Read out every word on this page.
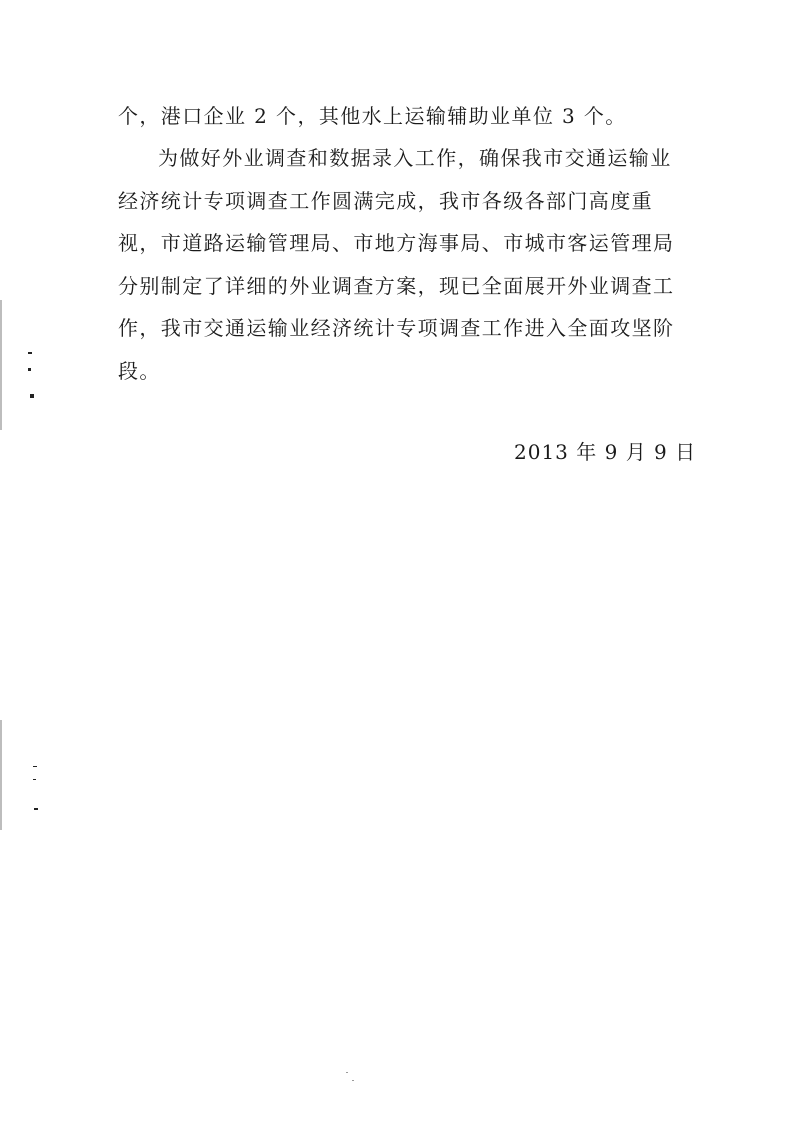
个，港口企业 2 个，其他水上运输辅助业单位 3 个。
为做好外业调查和数据录入工作，确保我市交通运输业
经济统计专项调查工作圆满完成，我市各级各部门高度重
视，市道路运输管理局、市地方海事局、市城市客运管理局
分别制定了详细的外业调查方案，现已全面展开外业调查工
作，我市交通运输业经济统计专项调查工作进入全面攻坚阶
段。
2013 年 9 月 9 日
